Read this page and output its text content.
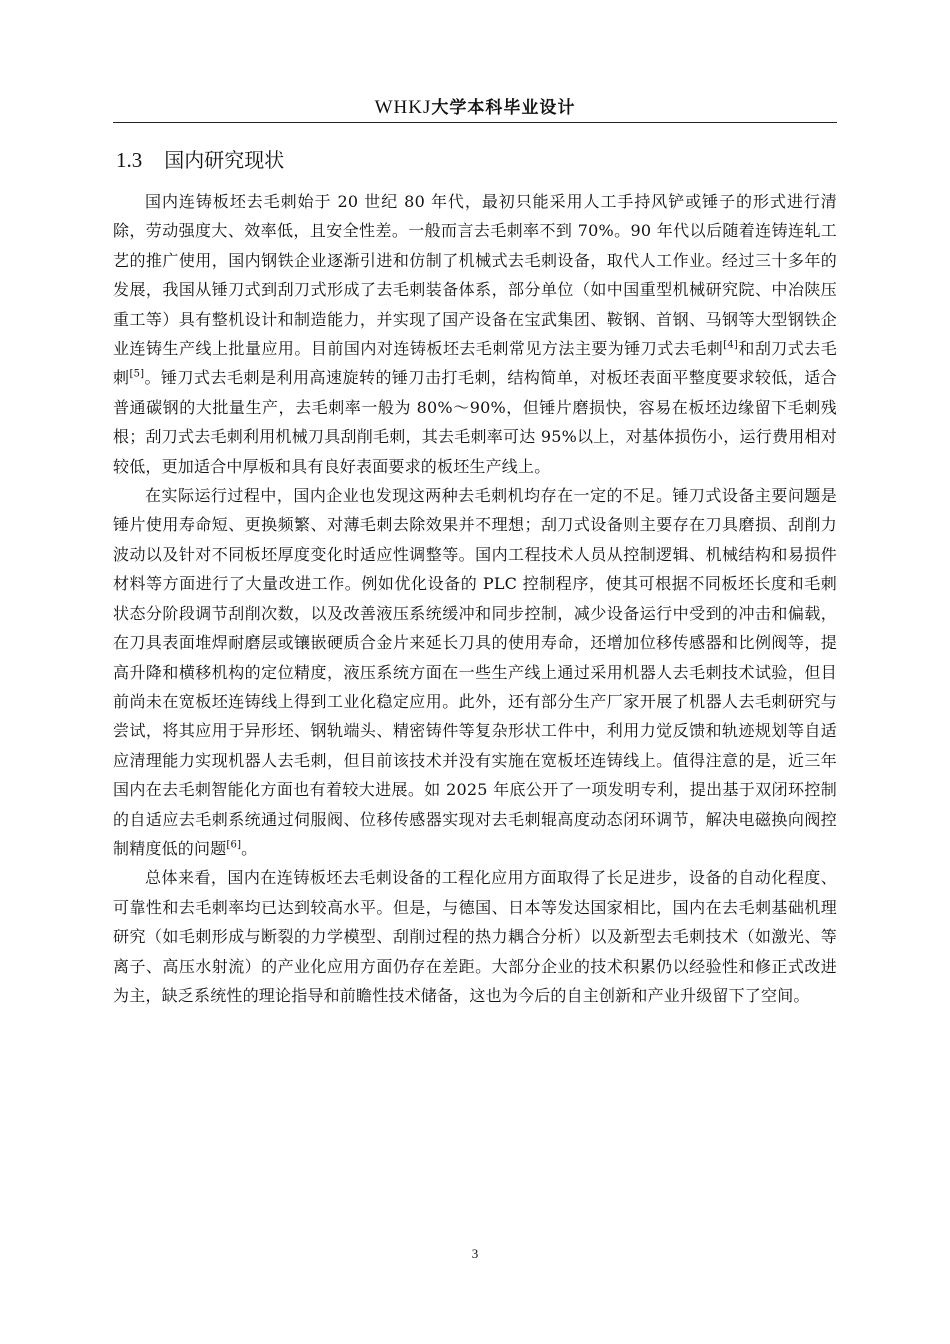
WHKJ大学本科毕业设计
1.3 国内研究现状

国内连铸板坯去毛刺始于 20 世纪 80 年代，最初只能采用人工手持风铲或锤子的形式进行清除，劳动强度大、效率低，且安全性差。一般而言去毛刺率不到 70%。90 年代以后随着连铸连轧工艺的推广使用，国内钢铁企业逐渐引进和仿制了机械式去毛刺设备，取代人工作业。经过三十多年的发展，我国从锤刀式到刮刀式形成了去毛刺装备体系，部分单位（如中国重型机械研究院、中冶陕压重工等）具有整机设计和制造能力，并实现了国产设备在宝武集团、鞍钢、首钢、马钢等大型钢铁企业连铸生产线上批量应用。目前国内对连铸板坯去毛刺常见方法主要为锤刀式去毛刺[4]和刮刀式去毛刺[5]。锤刀式去毛刺是利用高速旋转的锤刀击打毛刺，结构简单，对板坯表面平整度要求较低，适合普通碳钢的大批量生产，去毛刺率一般为 80%～90%，但锤片磨损快，容易在板坯边缘留下毛刺残根；刮刀式去毛刺利用机械刀具刮削毛刺，其去毛刺率可达 95%以上，对基体损伤小，运行费用相对较低，更加适合中厚板和具有良好表面要求的板坯生产线上。

在实际运行过程中，国内企业也发现这两种去毛刺机均存在一定的不足。锤刀式设备主要问题是锤片使用寿命短、更换频繁、对薄毛刺去除效果并不理想；刮刀式设备则主要存在刀具磨损、刮削力波动以及针对不同板坯厚度变化时适应性调整等。国内工程技术人员从控制逻辑、机械结构和易损件材料等方面进行了大量改进工作。例如优化设备的 PLC 控制程序，使其可根据不同板坯长度和毛刺状态分阶段调节刮削次数，以及改善液压系统缓冲和同步控制，减少设备运行中受到的冲击和偏载，在刀具表面堆焊耐磨层或镶嵌硬质合金片来延长刀具的使用寿命，还增加位移传感器和比例阀等，提高升降和横移机构的定位精度，液压系统方面在一些生产线上通过采用机器人去毛刺技术试验，但目前尚未在宽板坯连铸线上得到工业化稳定应用。此外，还有部分生产厂家开展了机器人去毛刺研究与尝试，将其应用于异形坯、钢轨端头、精密铸件等复杂形状工件中，利用力觉反馈和轨迹规划等自适应清理能力实现机器人去毛刺，但目前该技术并没有实施在宽板坯连铸线上。值得注意的是，近三年国内在去毛刺智能化方面也有着较大进展。如 2025 年底公开了一项发明专利，提出基于双闭环控制的自适应去毛刺系统通过伺服阀、位移传感器实现对去毛刺辊高度动态闭环调节，解决电磁换向阀控制精度低的问题[6]。

总体来看，国内在连铸板坯去毛刺设备的工程化应用方面取得了长足进步，设备的自动化程度、可靠性和去毛刺率均已达到较高水平。但是，与德国、日本等发达国家相比，国内在去毛刺基础机理研究（如毛刺形成与断裂的力学模型、刮削过程的热力耦合分析）以及新型去毛刺技术（如激光、等离子、高压水射流）的产业化应用方面仍存在差距。大部分企业的技术积累仍以经验性和修正式改进为主，缺乏系统性的理论指导和前瞻性技术储备，这也为今后的自主创新和产业升级留下了空间。

3
